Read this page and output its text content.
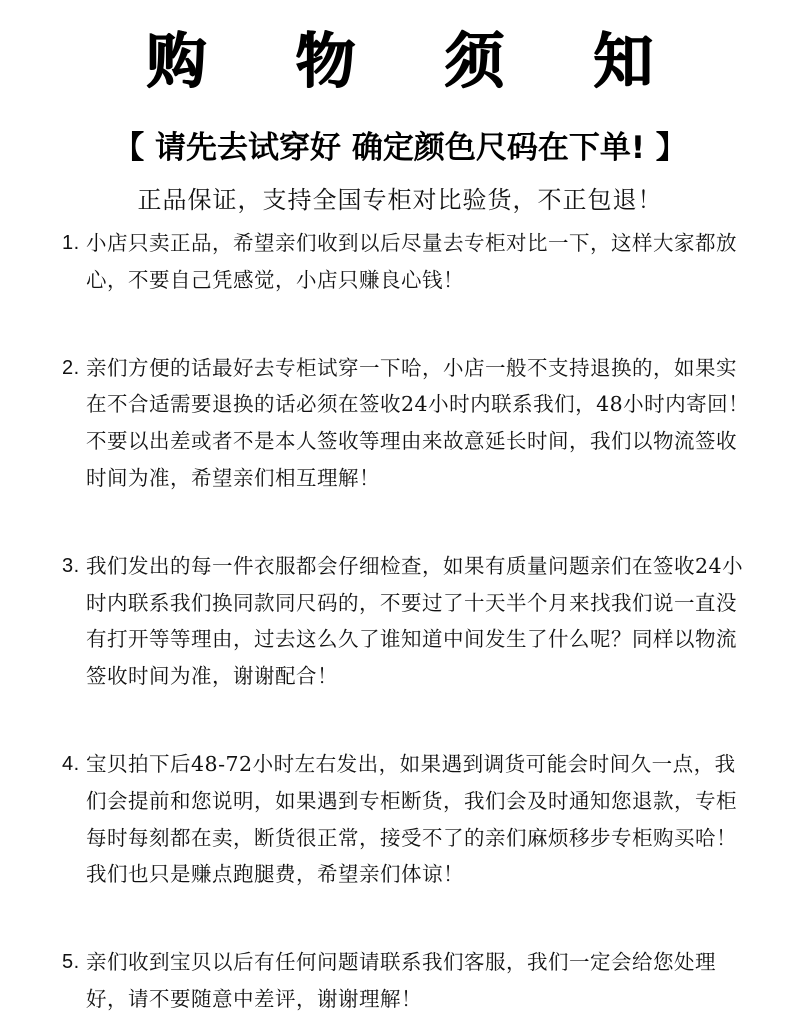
购 物 须 知
【 请先去试穿好 确定颜色尺码在下单! 】
正品保证，支持全国专柜对比验货，不正包退！
1. 小店只卖正品，希望亲们收到以后尽量去专柜对比一下，这样大家都放心，不要自己凭感觉，小店只赚良心钱！
2. 亲们方便的话最好去专柜试穿一下哈，小店一般不支持退换的，如果实在不合适需要退换的话必须在签收24小时内联系我们，48小时内寄回！不要以出差或者不是本人签收等理由来故意延长时间，我们以物流签收时间为准，希望亲们相互理解！
3. 我们发出的每一件衣服都会仔细检查，如果有质量问题亲们在签收24小时内联系我们换同款同尺码的，不要过了十天半个月来找我们说一直没有打开等等理由，过去这么久了谁知道中间发生了什么呢？同样以物流签收时间为准，谢谢配合！
4. 宝贝拍下后48-72小时左右发出，如果遇到调货可能会时间久一点，我们会提前和您说明，如果遇到专柜断货，我们会及时通知您退款，专柜每时每刻都在卖，断货很正常，接受不了的亲们麻烦移步专柜购买哈！我们也只是赚点跑腿费，希望亲们体谅！
5. 亲们收到宝贝以后有任何问题请联系我们客服，我们一定会给您处理好，请不要随意中差评，谢谢理解！
